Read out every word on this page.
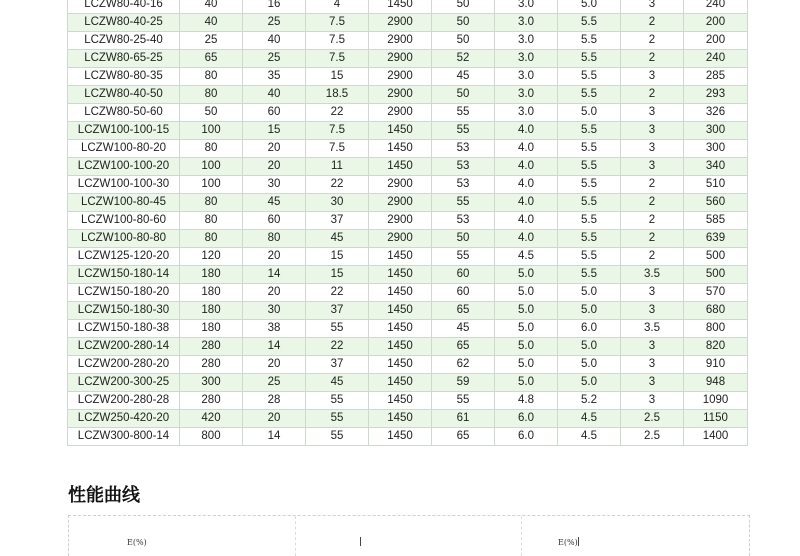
LCZW80-40-16	40	16	4	1450	50	3.0	5.0	3	240
LCZW80-40-25	40	25	7.5	2900	50	3.0	5.5	2	200
LCZW80-25-40	25	40	7.5	2900	50	3.0	5.5	2	200
LCZW80-65-25	65	25	7.5	2900	52	3.0	5.5	2	240
LCZW80-80-35	80	35	15	2900	45	3.0	5.5	3	285
LCZW80-40-50	80	40	18.5	2900	50	3.0	5.5	2	293
LCZW80-50-60	50	60	22	2900	55	3.0	5.0	3	326
LCZW100-100-15	100	15	7.5	1450	55	4.0	5.5	3	300
LCZW100-80-20	80	20	7.5	1450	53	4.0	5.5	3	300
LCZW100-100-20	100	20	11	1450	53	4.0	5.5	3	340
LCZW100-100-30	100	30	22	2900	53	4.0	5.5	2	510
LCZW100-80-45	80	45	30	2900	55	4.0	5.5	2	560
LCZW100-80-60	80	60	37	2900	53	4.0	5.5	2	585
LCZW100-80-80	80	80	45	2900	50	4.0	5.5	2	639
LCZW125-120-20	120	20	15	1450	55	4.5	5.5	2	500
LCZW150-180-14	180	14	15	1450	60	5.0	5.5	3.5	500
LCZW150-180-20	180	20	22	1450	60	5.0	5.0	3	570
LCZW150-180-30	180	30	37	1450	65	5.0	5.0	3	680
LCZW150-180-38	180	38	55	1450	45	5.0	6.0	3.5	800
LCZW200-280-14	280	14	22	1450	65	5.0	5.0	3	820
LCZW200-280-20	280	20	37	1450	62	5.0	5.0	3	910
LCZW200-300-25	300	25	45	1450	59	5.0	5.0	3	948
LCZW200-280-28	280	28	55	1450	55	4.8	5.2	3	1090
LCZW250-420-20	420	20	55	1450	61	6.0	4.5	2.5	1150
LCZW300-800-14	800	14	55	1450	65	6.0	4.5	2.5	1400
性能曲线
E(%)	E(%)
